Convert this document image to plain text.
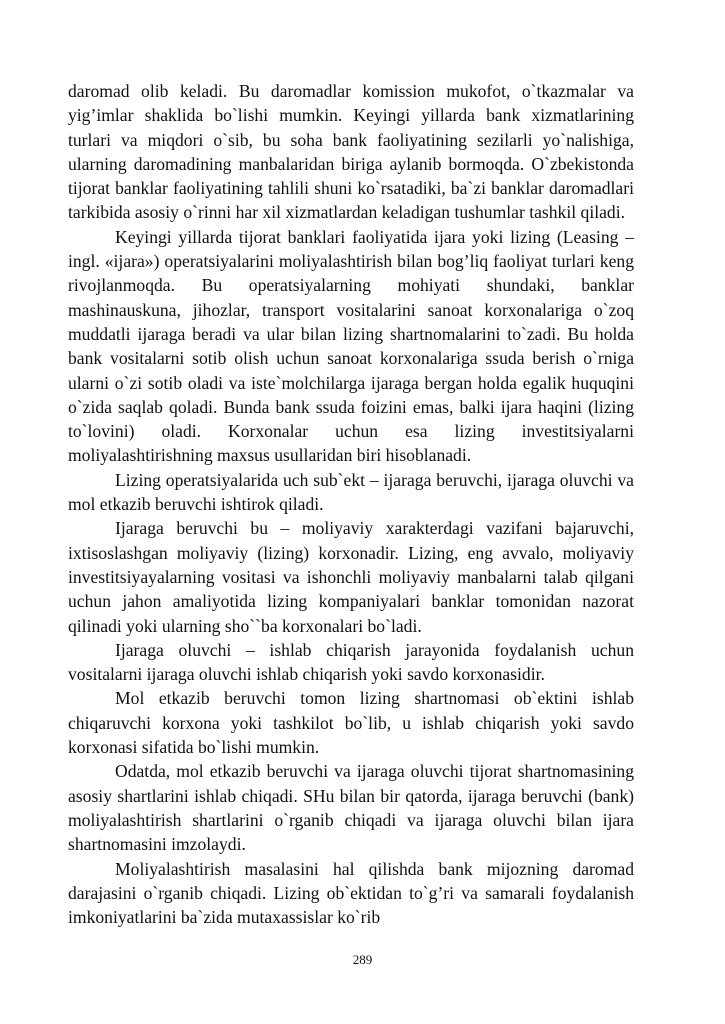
daromad olib keladi. Bu daromadlar komission mukofot, o`tkazmalar va yig’imlar shaklida bo`lishi mumkin. Keyingi yillarda bank xizmatlarining turlari va miqdori o`sib, bu soha bank faoliyatining sezilarli yo`nalishiga, ularning daromadining manbalaridan biriga aylanib bormoqda. O`zbekistonda tijorat banklar faoliyatining tahlili shuni ko`rsatadiki, ba`zi banklar daromadlari tarkibida asosiy o`rinni har xil xizmatlardan keladigan tushumlar tashkil qiladi.

Keyingi yillarda tijorat banklari faoliyatida ijara yoki lizing (Leasing – ingl. «ijara») operatsiyalarini moliyalashtirish bilan bog’liq faoliyat turlari keng rivojlanmoqda. Bu operatsiyalarning mohiyati shundaki, banklar mashinauskuna, jihozlar, transport vositalarini sanoat korxonalariga o`zoq muddatli ijaraga beradi va ular bilan lizing shartnomalarini to`zadi. Bu holda bank vositalarni sotib olish uchun sanoat korxonalariga ssuda berish o`rniga ularni o`zi sotib oladi va iste`molchilarga ijaraga bergan holda egalik huquqini o`zida saqlab qoladi. Bunda bank ssuda foizini emas, balki ijara haqini (lizing to`lovini) oladi. Korxonalar uchun esa lizing investitsiyalarni moliyalashtirishning maxsus usullaridan biri hisoblanadi.

Lizing operatsiyalarida uch sub`ekt – ijaraga beruvchi, ijaraga oluvchi va mol etkazib beruvchi ishtirok qiladi.

Ijaraga beruvchi bu – moliyaviy xarakterdagi vazifani bajaruvchi, ixtisoslashgan moliyaviy (lizing) korxonadir. Lizing, eng avvalo, moliyaviy investitsiyayalarning vositasi va ishonchli moliyaviy manbalarni talab qilgani uchun jahon amaliyotida lizing kompaniyalari banklar tomonidan nazorat qilinadi yoki ularning sho``ba korxonalari bo`ladi.

Ijaraga oluvchi – ishlab chiqarish jarayonida foydalanish uchun vositalarni ijaraga oluvchi ishlab chiqarish yoki savdo korxonasidir.

Mol etkazib beruvchi tomon lizing shartnomasi ob`ektini ishlab chiqaruvchi korxona yoki tashkilot bo`lib, u ishlab chiqarish yoki savdo korxonasi sifatida bo`lishi mumkin.

Odatda, mol etkazib beruvchi va ijaraga oluvchi tijorat shartnomasining asosiy shartlarini ishlab chiqadi. SHu bilan bir qatorda, ijaraga beruvchi (bank) moliyalashtirish shartlarini o`rganib chiqadi va ijaraga oluvchi bilan ijara shartnomasini imzolaydi.

Moliyalashtirish masalasini hal qilishda bank mijozning daromad darajasini o`rganib chiqadi. Lizing ob`ektidan to`g’ri va samarali foydalanish imkoniyatlarini ba`zida mutaxassislar ko`rib

289
